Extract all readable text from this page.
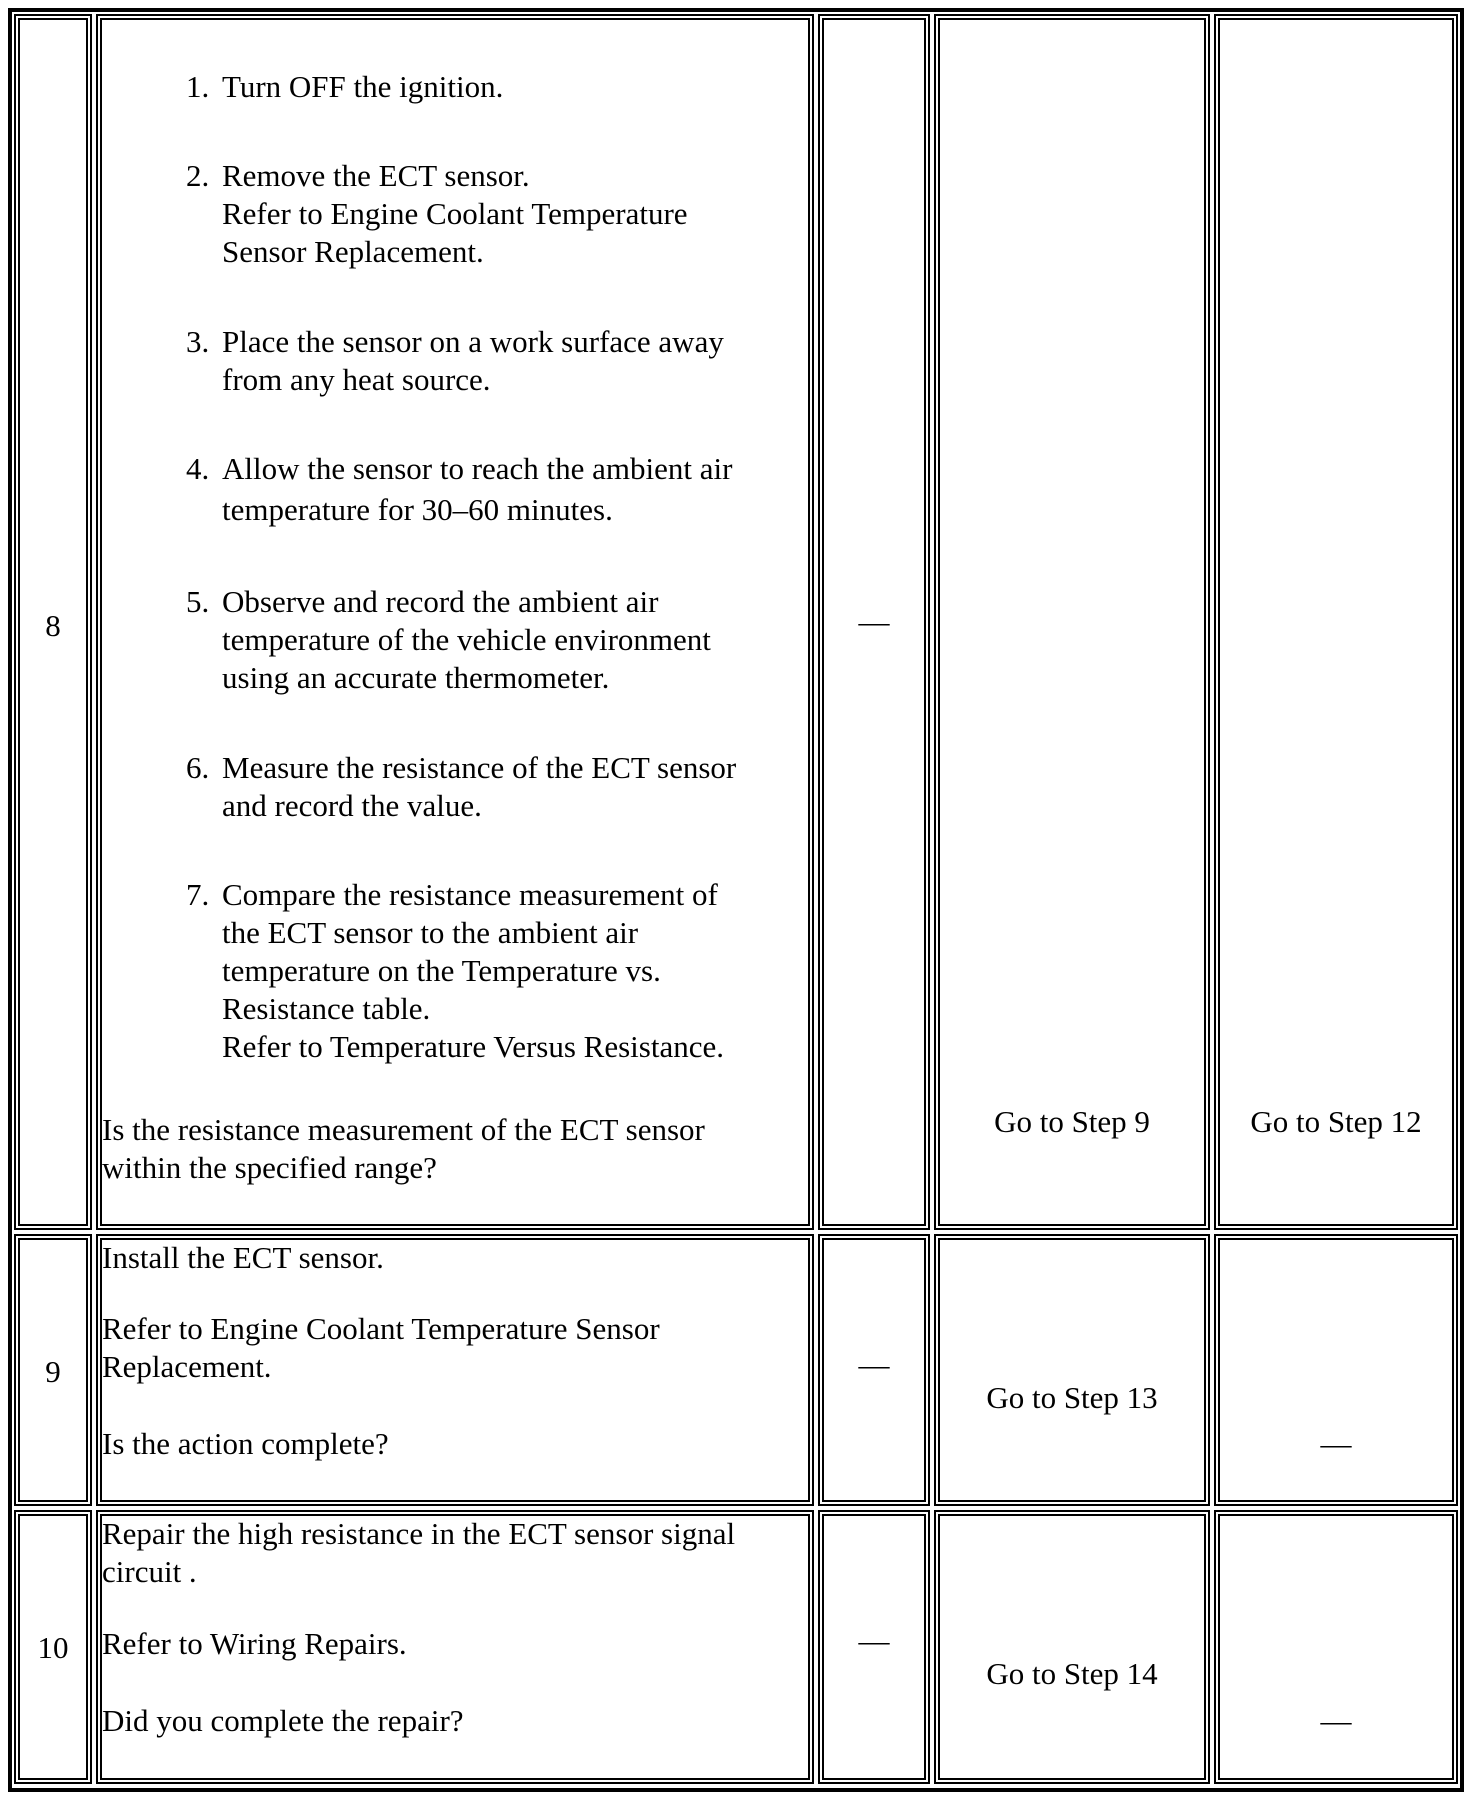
8
1. Turn OFF the ignition.
2. Remove the ECT sensor.
Refer to Engine Coolant Temperature
Sensor Replacement.
3. Place the sensor on a work surface away
from any heat source.
4. Allow the sensor to reach the ambient air
temperature for 30–60 minutes.
5. Observe and record the ambient air
temperature of the vehicle environment
using an accurate thermometer.
6. Measure the resistance of the ECT sensor
and record the value.
7. Compare the resistance measurement of
the ECT sensor to the ambient air
temperature on the Temperature vs.
Resistance table.
Refer to Temperature Versus Resistance.
Is the resistance measurement of the ECT sensor
within the specified range?
—
Go to Step 9	Go to Step 12
9
Install the ECT sensor.
Refer to Engine Coolant Temperature Sensor
Replacement.
Is the action complete?
—
Go to Step 13
—
10
Repair the high resistance in the ECT sensor signal
circuit .
Refer to Wiring Repairs.
Did you complete the repair?
—
Go to Step 14
—
